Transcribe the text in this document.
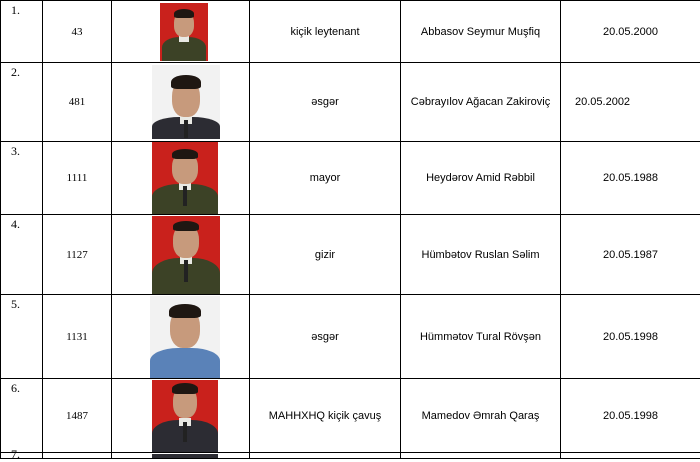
1.	43		kiçik leytenant	Abbasov Seymur Muşfiq	20.05.2000

2.	481		əsgər	Cəbrayılov Ağacan Zakiroviç	20.05.2002

3.	1111		mayor	Heydərov Amid Rəbbil	20.05.1988

4.	1127		gizir	Hümbətov Ruslan Səlim	20.05.1987

5.	1131		əsgər	Hümmətov Tural Rövşən	20.05.1998

6.	1487		MAHHXHQ kiçik çavuş	Mamedov Əmrah Qaraş	20.05.1998

7.					
